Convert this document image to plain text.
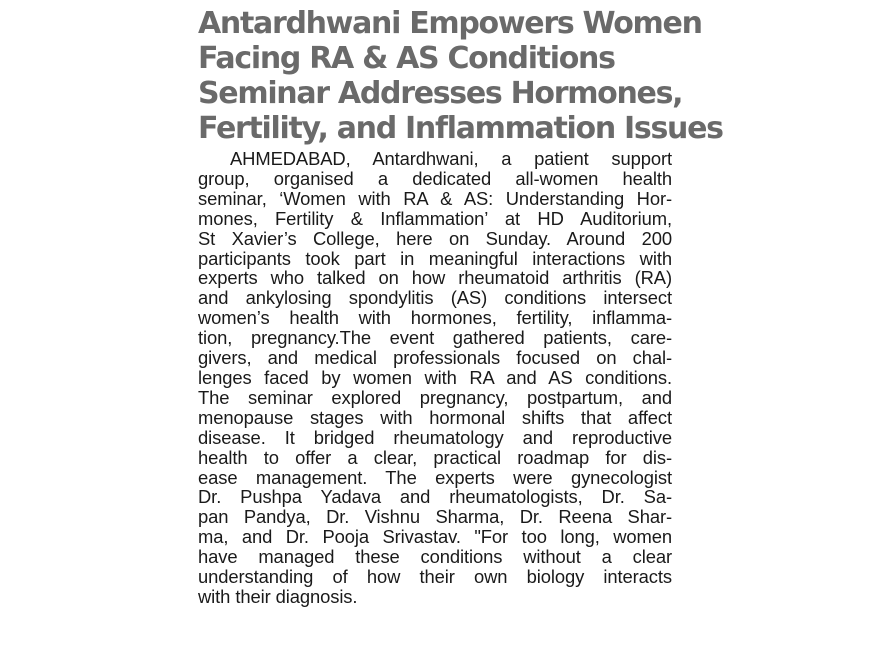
Antardhwani Empowers Women
Facing RA & AS Conditions
Seminar Addresses Hormones,
Fertility, and Inflammation Issues
AHMEDABAD, Antardhwani, a patient support
group, organised a dedicated all-women health
seminar, ‘Women with RA & AS: Understanding Hor-
mones, Fertility & Inflammation’ at HD Auditorium,
St Xavier’s College, here on Sunday. Around 200
participants took part in meaningful interactions with
experts who talked on how rheumatoid arthritis (RA)
and ankylosing spondylitis (AS) conditions intersect
women’s health with hormones, fertility, inflamma-
tion, pregnancy.The event gathered patients, care-
givers, and medical professionals focused on chal-
lenges faced by women with RA and AS conditions.
The seminar explored pregnancy, postpartum, and
menopause stages with hormonal shifts that affect
disease. It bridged rheumatology and reproductive
health to offer a clear, practical roadmap for dis-
ease management. The experts were gynecologist
Dr. Pushpa Yadava and rheumatologists, Dr. Sa-
pan Pandya, Dr. Vishnu Sharma, Dr. Reena Shar-
ma, and Dr. Pooja Srivastav. "For too long, women
have managed these conditions without a clear
understanding of how their own biology interacts
with their diagnosis.
